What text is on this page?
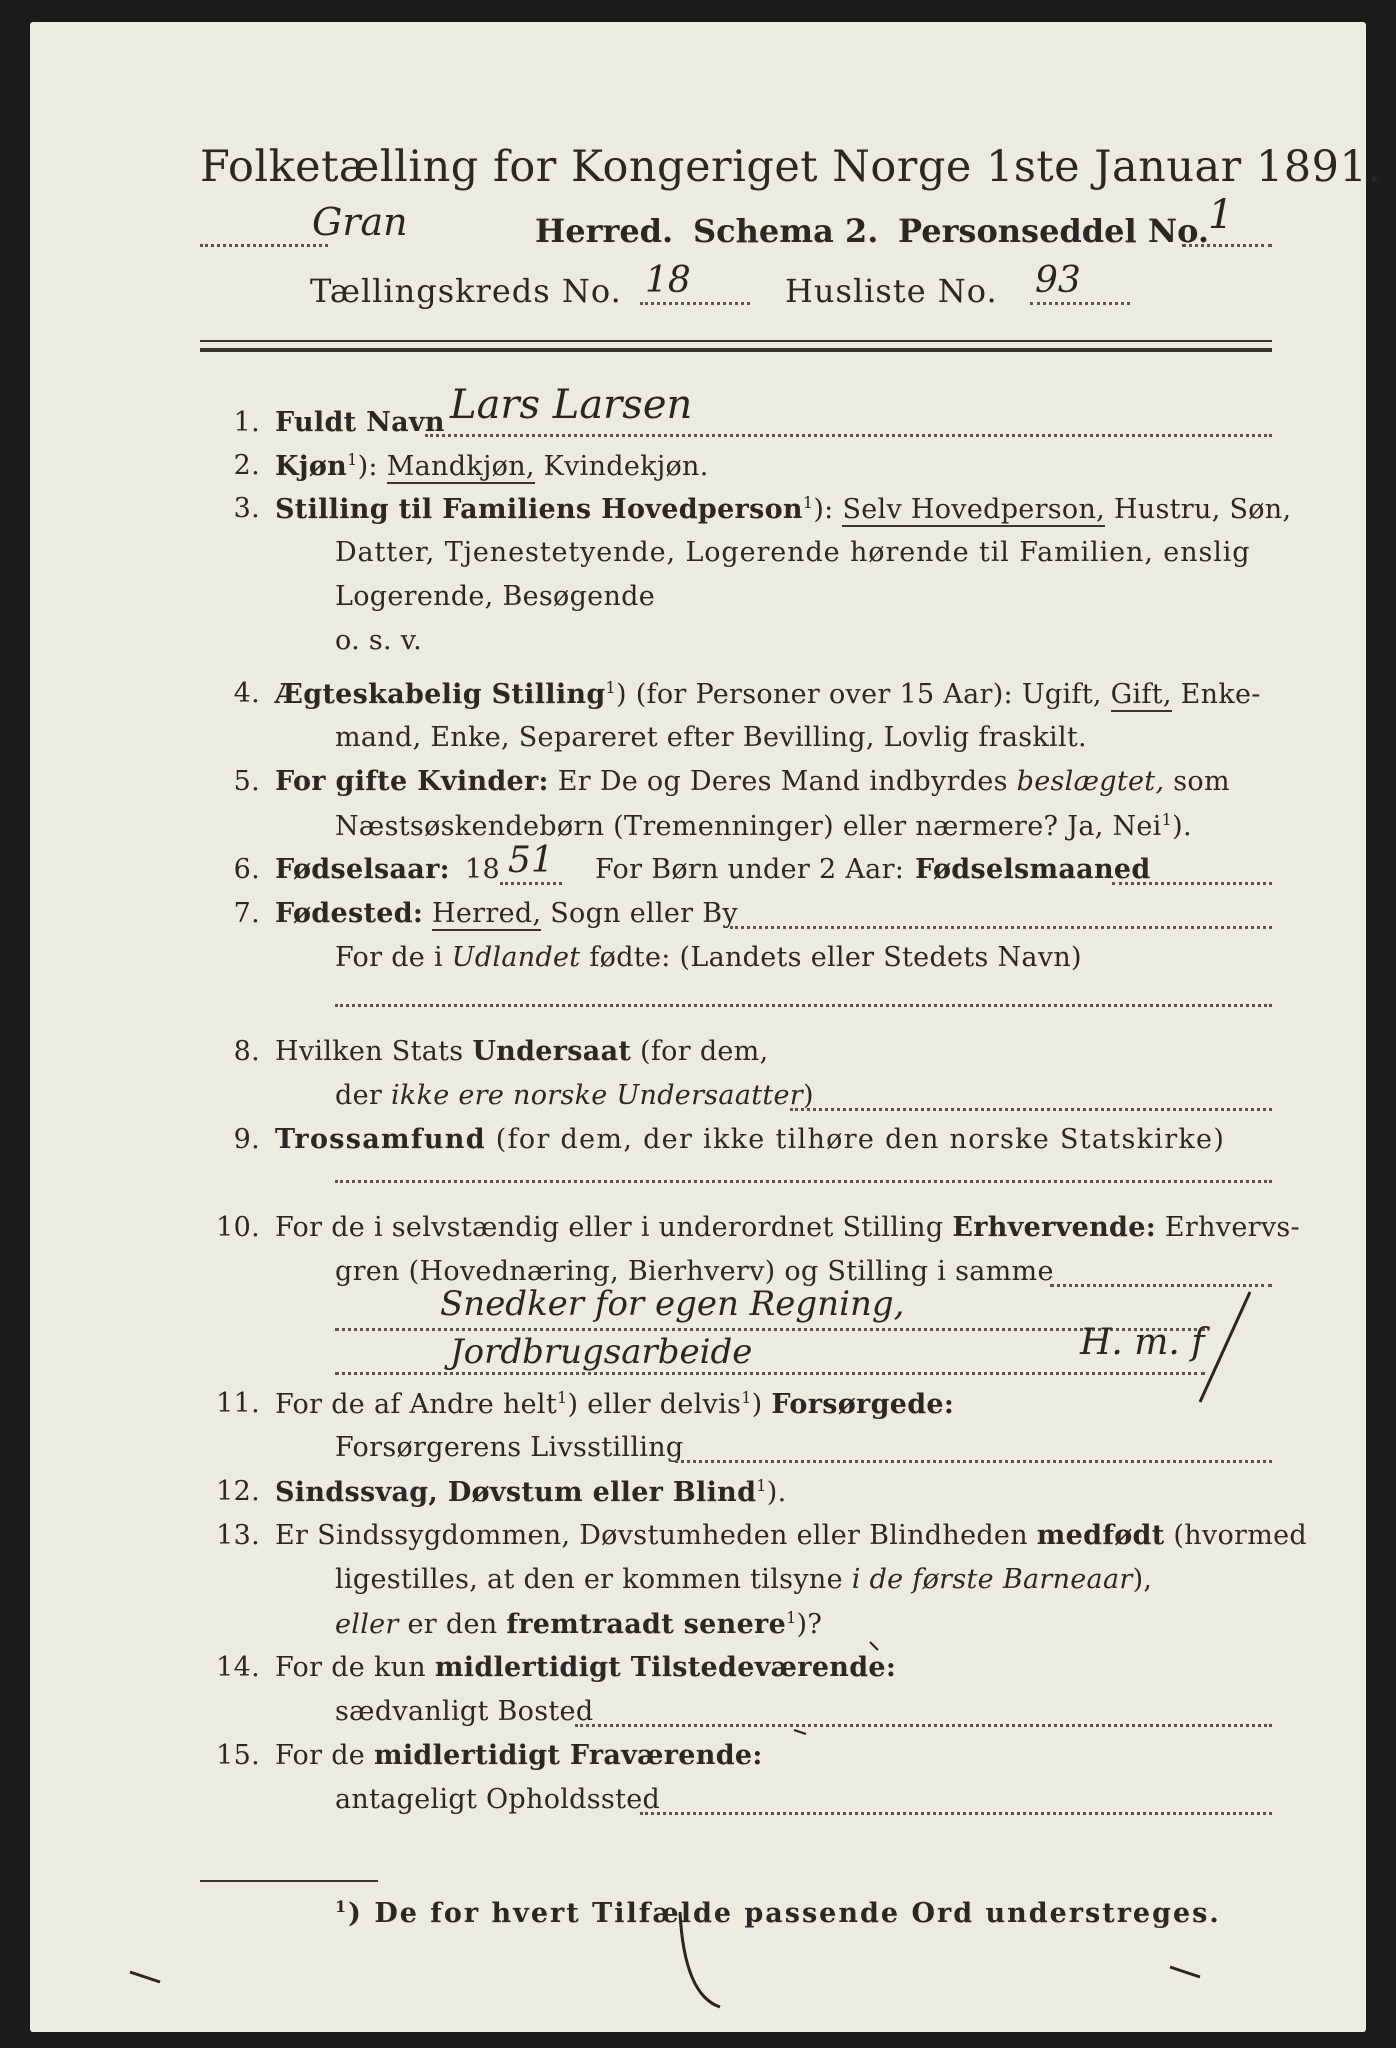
Folketælling for Kongeriget Norge 1ste Januar 1891.
Gran	Herred. Schema 2. Personseddel No. 1
Tællingskreds No. 18	Husliste No. 93
1. Fuldt Navn Lars Larsen
2. Kjøn$^1$): Mandkjøn, Kvindekjøn.
3. Stilling til Familiens Hovedperson$^1$): Selv Hovedperson, Hustru, Søn,
Datter, Tjenestetyende, Logerende hørende til Familien, enslig
Logerende, Besøgende
o. s. v.
4. Ægteskabelig Stilling$^1$) (for Personer over 15 Aar): Ugift, Gift, Enke-
mand, Enke, Separeret efter Bevilling, Lovlig fraskilt.
5. For gifte Kvinder: Er De og Deres Mand indbyrdes beslægtet, som
Næstsøskendebørn (Tremenninger) eller nærmere? Ja, Nei$^1$).
6. Fødselsaar: 18 51 For Børn under 2 Aar: Fødselsmaaned
7. Fødested: Herred, Sogn eller By
For de i Udlandet fødte: (Landets eller Stedets Navn)
8. Hvilken Stats Undersaat (for dem,
der ikke ere norske Undersaatter)
9. Trossamfund (for dem, der ikke tilhøre den norske Statskirke)
10. For de i selvstændig eller i underordnet Stilling Erhvervende: Erhvervs-
gren (Hovednæring, Bierhverv) og Stilling i samme
Snedker for egen Regning,
Jordbrugsarbeide	H. m. f
11. For de af Andre helt$^1$) eller delvis$^1$) Forsørgede:
Forsørgerens Livsstilling
12. Sindssvag, Døvstum eller Blind$^1$).
13. Er Sindssygdommen, Døvstumheden eller Blindheden medfødt (hvormed
ligestilles, at den er kommen tilsyne i de første Barneaar),
eller er den fremtraadt senere$^1$)?
14. For de kun midlertidigt Tilstedeværende:
sædvanligt Bosted
15. For de midlertidigt Fraværende:
antageligt Opholdssted
$^1$) De for hvert Tilfælde passende Ord understreges.
